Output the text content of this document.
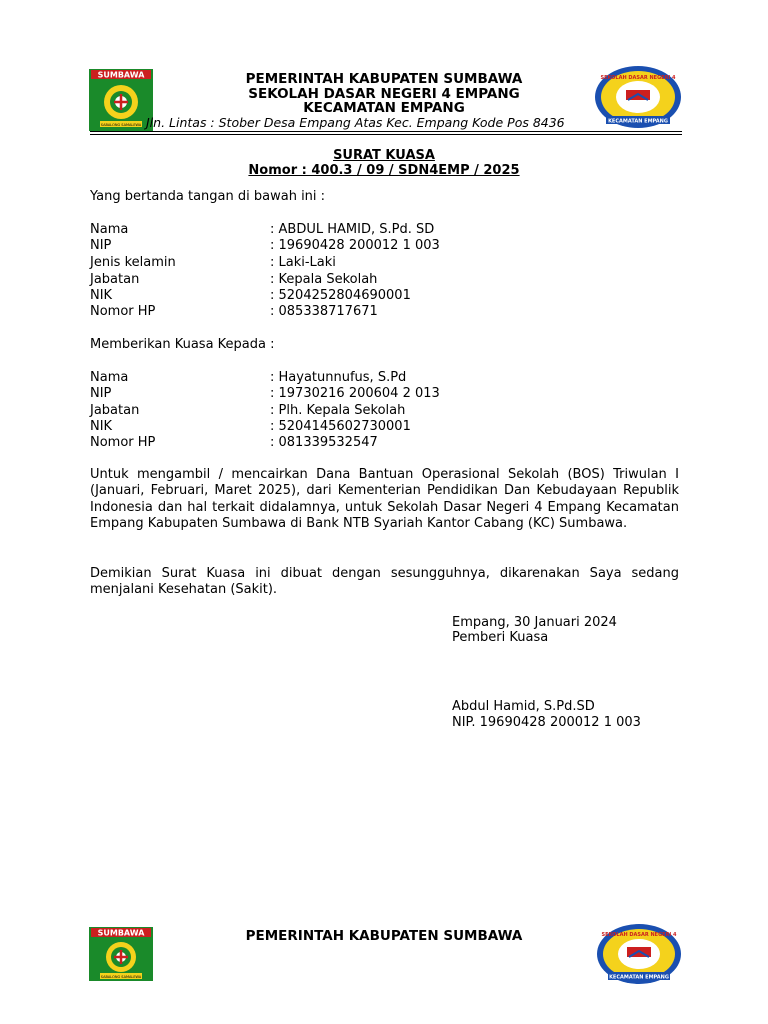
SUMBAWA
SABALONG SAMALEWA
PEMERINTAH KABUPATEN SUMBAWA
SEKOLAH DASAR NEGERI 4 EMPANG
KECAMATAN EMPANG
Jln. Lintas : Stober Desa Empang Atas Kec. Empang Kode Pos 8436
SEKOLAH DASAR NEGERI 4
KECAMATAN EMPANG
SURAT KUASA
Nomor : 400.3 / 09 / SDN4EMP / 2025
Yang bertanda tangan di bawah ini :
Nama	: ABDUL HAMID, S.Pd. SD
NIP	: 19690428 200012 1 003
Jenis kelamin	: Laki-Laki
Jabatan	: Kepala Sekolah
NIK	: 5204252804690001
Nomor HP	: 085338717671
Memberikan Kuasa Kepada :
Nama	: Hayatunnufus, S.Pd
NIP	: 19730216 200604 2 013
Jabatan	: Plh. Kepala Sekolah
NIK	: 5204145602730001
Nomor HP	: 081339532547
Untuk mengambil / mencairkan Dana Bantuan Operasional Sekolah (BOS) Triwulan I (Januari, Februari, Maret 2025), dari Kementerian Pendidikan Dan Kebudayaan Republik Indonesia dan hal terkait didalamnya, untuk Sekolah Dasar Negeri 4 Empang Kecamatan Empang Kabupaten Sumbawa di Bank NTB Syariah Kantor Cabang (KC) Sumbawa.
Demikian Surat Kuasa ini dibuat dengan sesungguhnya, dikarenakan Saya sedang menjalani Kesehatan (Sakit).
Empang, 30 Januari 2024
Pemberi Kuasa
Abdul Hamid, S.Pd.SD
NIP. 19690428 200012 1 003
SUMBAWA
SABALONG SAMALEWA
PEMERINTAH KABUPATEN SUMBAWA	SEKOLAH DASAR NEGERI 4
KECAMATAN EMPANG
